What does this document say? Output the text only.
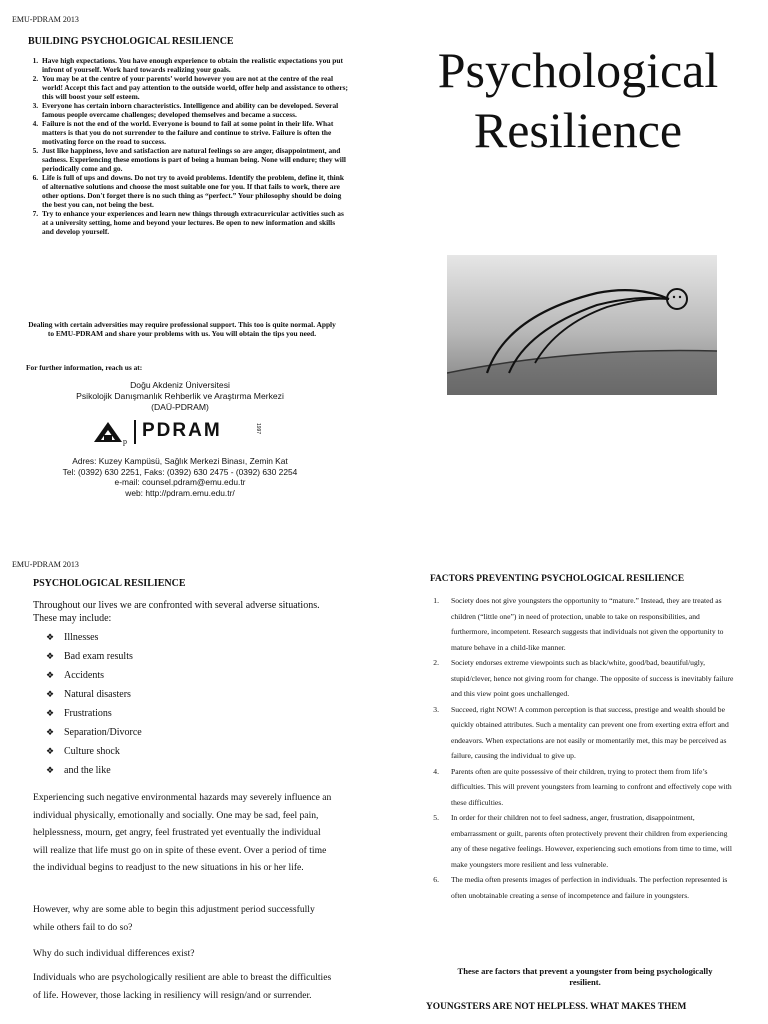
EMU-PDRAM 2013
BUILDING PSYCHOLOGICAL RESILIENCE
1. Have high expectations. You have enough experience to obtain the realistic expectations you put infront of yourself. Work hard towards realizing your goals.
2. You may be at the centre of your parents’ world however you are not at the centre of the real world! Accept this fact and pay attention to the outside world, offer help and assistance to others; this will boost your self esteem.
3. Everyone has certain inborn characteristics. Intelligence and ability can be developed. Several famous people overcame challenges; developed themselves and became a success.
4. Failure is not the end of the world. Everyone is bound to fail at some point in their life. What matters is that you do not surrender to the failure and continue to strive. Failure is often the motivating force on the road to success.
5. Just like happiness, love and satisfaction are natural feelings so are anger, disappointment, and sadness. Experiencing these emotions is part of being a human being. None will endure; they will periodically come and go.
6. Life is full of ups and downs. Do not try to avoid problems. Identify the problem, define it, think of alternative solutions and choose the most suitable one for you. If that fails to work, there are other options. Don't forget there is no such thing as “perfect.” Your philosophy should be doing the best you can, not being the best.
7. Try to enhance your experiences and learn new things through extracurricular activities such as at a university setting, home and beyond your lectures. Be open to new information and skills and develop yourself.
Dealing with certain adversities may require professional support. This too is quite normal. Apply to EMU-PDRAM and share your problems with us. You will obtain the tips you need.
For further information, reach us at:
Doğu Akdeniz Üniversitesi
Psikolojik Danışmanlık Rehberlik ve Araştırma Merkezi
(DAÜ-PDRAM)
p
PDRAM	1997
Adres: Kuzey Kampüsü, Sağlık Merkezi Binası, Zemin Kat
Tel: (0392) 630 2251, Faks: (0392) 630 2475 - (0392) 630 2254
e-mail: counsel.pdram@emu.edu.tr
web: http://pdram.emu.edu.tr/
Psychological
Resilience
EMU-PDRAM 2013
PSYCHOLOGICAL RESILIENCE
Throughout our lives we are confronted with several adverse situations. These may include:
❖ Illnesses
❖ Bad exam results
❖ Accidents
❖ Natural disasters
❖ Frustrations
❖ Separation/Divorce
❖ Culture shock
❖ and the like

Experiencing such negative environmental hazards may severely influence an individual physically, emotionally and socially. One may be sad, feel pain, helplessness, mourn, get angry, feel frustrated yet eventually the individual will realize that life must go on in spite of these event. Over a period of time the individual begins to readjust to the new situations in his or her life.

However, why are some able to begin this adjustment period successfully while others fail to do so?

Why do such individual differences exist?

Individuals who are psychologically resilient are able to breast the difficulties of life. However, those lacking in resiliency will resign/and or surrender.

FACTORS PREVENTING PSYCHOLOGICAL RESILIENCE
1.	Society does not give youngsters the opportunity to “mature.” Instead, they are treated as children (“little one”) in need of protection, unable to take on responsibilities, and furthermore, incompetent. Research suggests that individuals not given the opportunity to mature behave in a child-like manner.
2.	Society endorses extreme viewpoints such as black/white, good/bad, beautiful/ugly, stupid/clever, hence not giving room for change. The opposite of success is inevitably failure and this view point goes unchallenged.
3.	Succeed, right NOW! A common perception is that success, prestige and wealth should be quickly obtained attributes. Such a mentality can prevent one from exerting extra effort and endeavors. When expectations are not easily or momentarily met, this may be perceived as failure, causing the individual to give up.
4.	Parents often are quite possessive of their children, trying to protect them from life’s difficulties. This will prevent youngsters from learning to confront and effectively cope with these difficulties.
5.	In order for their children not to feel sadness, anger, frustration, disappointment, embarrassment or guilt, parents often protectively prevent their children from experiencing any of these negative feelings. However, experiencing such emotions from time to time, will make youngsters more resilient and less vulnerable.
6.	The media often presents images of perfection in individuals. The perfection represented is often unobtainable creating a sense of incompetence and failure in youngsters.
These are factors that prevent a youngster from being psychologically resilient.
YOUNGSTERS ARE NOT HELPLESS. WHAT MAKES THEM
